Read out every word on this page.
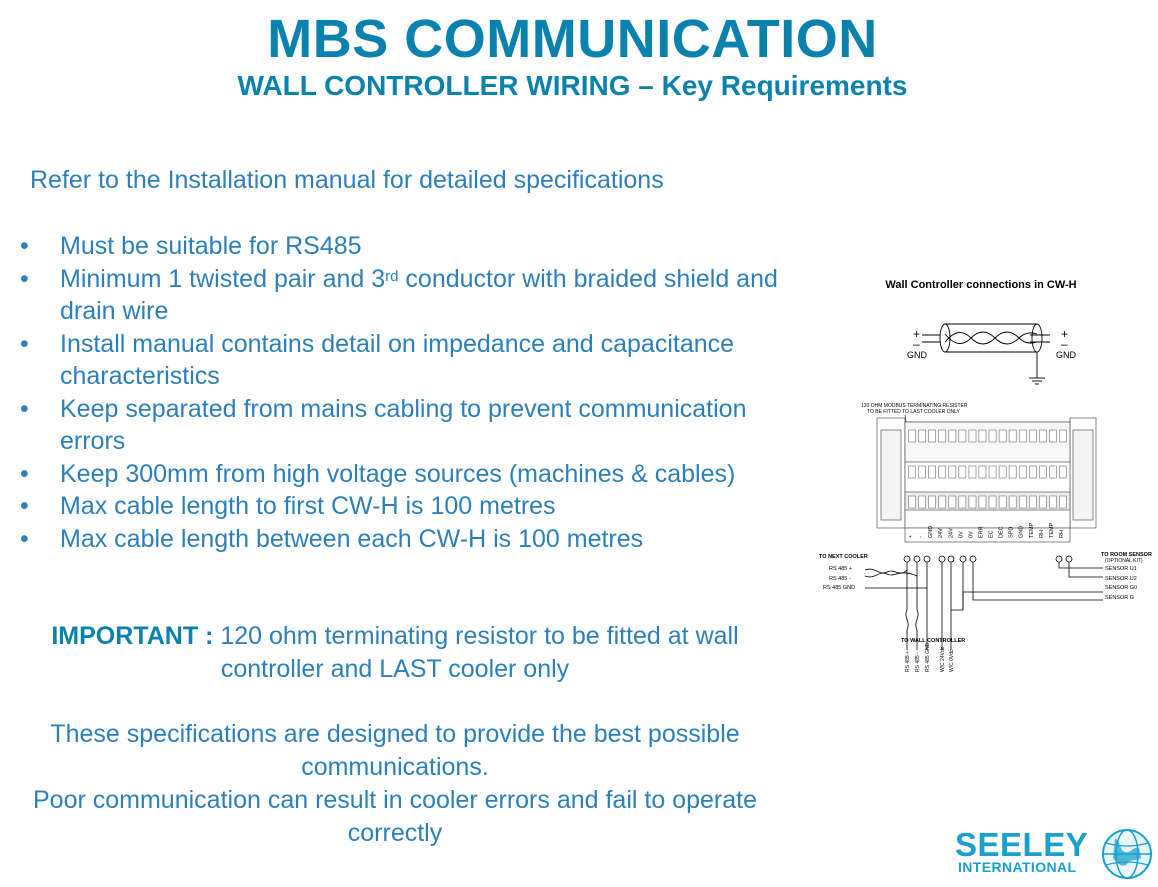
MBS COMMUNICATION
WALL CONTROLLER WIRING – Key Requirements
Refer to the Installation manual for detailed specifications
• Must be suitable for RS485
• Minimum 1 twisted pair and 3rd conductor with braided shield and drain wire
• Install manual contains detail on impedance and capacitance characteristics
• Keep separated from mains cabling to prevent communication errors
• Keep 300mm from high voltage sources (machines & cables)
• Max cable length to first CW-H is 100 metres
• Max cable length between each CW-H is 100 metres
IMPORTANT : 120 ohm terminating resistor to be fitted at wall
controller and LAST cooler only
These specifications are designed to provide the best possible
communications.
Poor communication can result in cooler errors and fail to operate
correctly
Wall Controller connections in CW-H
+
–
GND
+
–
GND
120 OHM MODBUS TERMINATING RESISTER
TO BE FITTED TO LAST COOLER ONLY
+ - GND 24V 24V 0V 0V ERR EC DEC SPD GND TEMP RH TEMP RH
TO NEXT COOLER
RS 485 +
RS 485 -
RS 485 GND
TO ROOM SENSOR
(OPTIONAL KIT)
SENSOR U1
SENSOR U2
SENSOR G0
SENSOR G
TO WALL CONTROLLER
RS 485 + RS 485 - RS 485 GND W/C 24Vdc W/C 0Vdc
SEELEY
INTERNATIONAL
